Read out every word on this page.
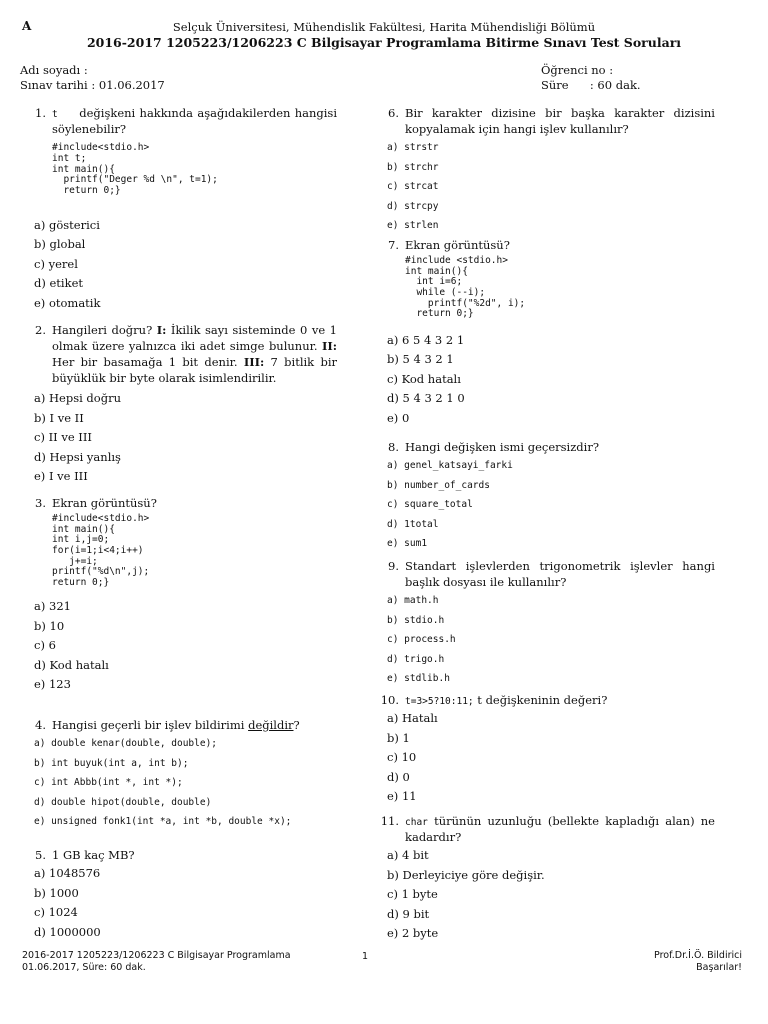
A	Selçuk Üniversitesi, Mühendislik Fakültesi, Harita Mühendisliği Bölümü
2016-2017 1205223/1206223 C Bilgisayar Programlama Bitirme Sınavı Test Soruları
Adı soyadı :
Sınav tarihi : 01.06.2017
Öğrenci no :
Süre : 60 dak.
1. t değişkeni hakkında aşağıdakilerden hangisi söylenebilir?
#include<stdio.h>
int t;
int main(){
printf("Deger %d \n", t=1);
return 0;}
a) gösterici
b) global
c) yerel
d) etiket
e) otomatik
2. Hangileri doğru? I: İkilik sayı sisteminde 0 ve 1 olmak üzere yalnızca iki adet simge bulunur. II: Her bir basamağa 1 bit denir. III: 7 bitlik bir büyüklük bir byte olarak isimlendirilir.
a) Hepsi doğru
b) I ve II
c) II ve III
d) Hepsi yanlış
e) I ve III
3. Ekran görüntüsü?
#include<stdio.h>
int main(){
int i,j=0;
for(i=1;i<4;i++)
j+=i;
printf("%d\n",j);
return 0;}
a) 321
b) 10
c) 6
d) Kod hatalı
e) 123
4. Hangisi geçerli bir işlev bildirimi değildir?
a) double kenar(double, double);
b) int buyuk(int a, int b);
c) int Abbb(int *, int *);
d) double hipot(double, double)
e) unsigned fonk1(int *a, int *b, double *x);
5. 1 GB kaç MB?
a) 1048576
b) 1000
c) 1024
d) 1000000
6. Bir karakter dizisine bir başka karakter dizisini kopyalamak için hangi işlev kullanılır?
a) strstr
b) strchr
c) strcat
d) strcpy
e) strlen
7. Ekran görüntüsü?
#include <stdio.h>
int main(){
int i=6;
while (--i);
printf("%2d", i);
return 0;}
a) 6 5 4 3 2 1
b) 5 4 3 2 1
c) Kod hatalı
d) 5 4 3 2 1 0
e) 0
8. Hangi değişken ismi geçersizdir?
a) genel_katsayi_farki
b) number_of_cards
c) square_total
d) 1total
e) sum1
9. Standart işlevlerden trigonometrik işlevler hangi başlık dosyası ile kullanılır?
a) math.h
b) stdio.h
c) process.h
d) trigo.h
e) stdlib.h
10. t=3>5?10:11; t değişkeninin değeri?
a) Hatalı
b) 1
c) 10
d) 0
e) 11
11. char türünün uzunluğu (bellekte kapladığı alan) ne kadardır?
a) 4 bit
b) Derleyiciye göre değişir.
c) 1 byte
d) 9 bit
e) 2 byte
2016-2017 1205223/1206223 C Bilgisayar Programlama
01.06.2017, Süre: 60 dak.
1	Prof.Dr.İ.Ö. Bildirici
Başarılar!
